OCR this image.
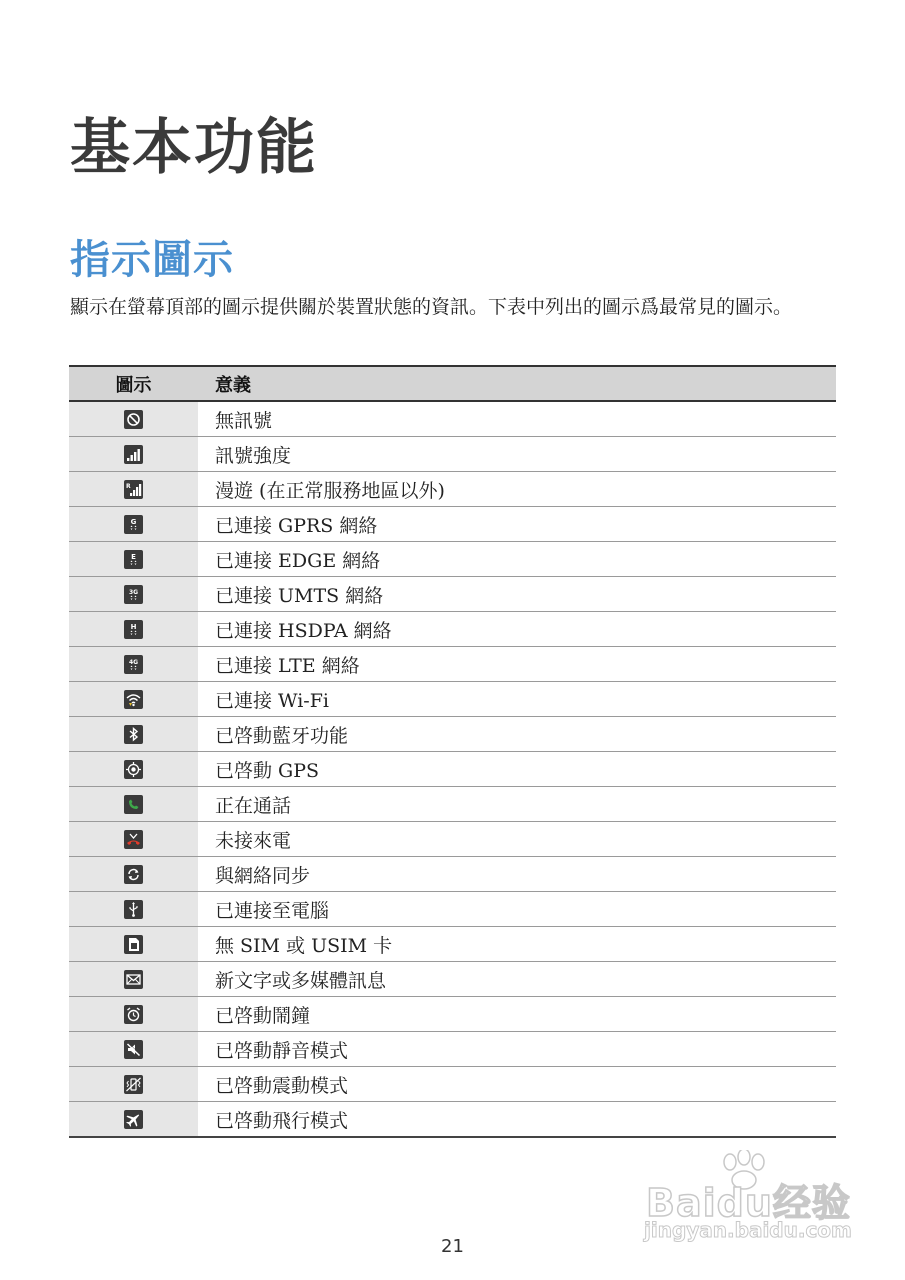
基本功能
指示圖示

顯示在螢幕頂部的圖示提供關於裝置狀態的資訊。下表中列出的圖示爲最常見的圖示。

圖示	意義

	無訊號

	訊號強度

R	漫遊 (在正常服務地區以外)

G	已連接 GPRS 網絡

E	已連接 EDGE 網絡

3G	已連接 UMTS 網絡

H	已連接 HSDPA 網絡

4G	已連接 LTE 網絡

	已連接 Wi-Fi

	已啓動藍牙功能

	已啓動 GPS

	正在通話

	未接來電

	與網絡同步

	已連接至電腦

	無 SIM 或 USIM 卡

	新文字或多媒體訊息

	已啓動鬧鐘

	已啓動靜音模式

	已啓動震動模式

	已啓動飛行模式
Baidu经验
jingyan.baidu.com
21
